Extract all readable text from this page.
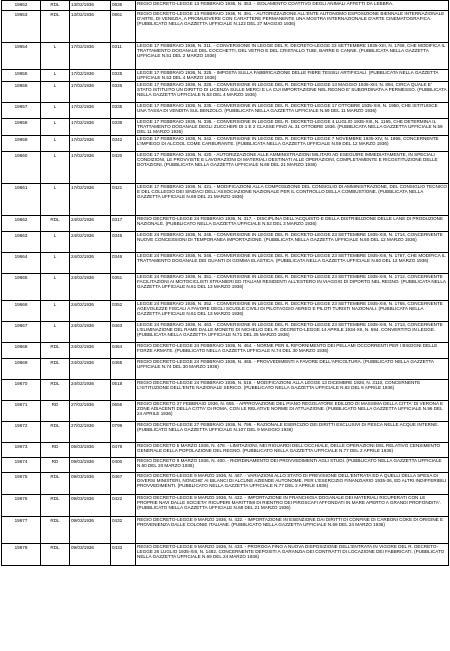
19652	RDL	13/02/1936	0835	REGIO DECRETO-LEGGE 13 FEBBRAIO 1936, N. 353. - ISOLAMENTO COATTIVO DEGLI ANIMALI AFFETTI DA LEBBRA.
19653	RDL	13/02/1936	0851	REGIO DECRETO-LEGGE 13 FEBBRAIO 1936, N. 391. - AUTORIZZAZIONE ALL'ENTE AUTONOMO ESPOSIZIONE BIENNALE INTERNAZIONALE D'ARTE, DI VENEZIA, A PROMUOVERE CON CARATTERE PERMANENTE UNA MOSTRA INTERNAZIONALE D'ARTE CINEMATOGRAFICA. (PUBBLICATO NELLA GAZZETTA UFFICIALE N.122 DEL 27 MAGGIO 1936)
19654	L	17/02/1936	0311	LEGGE 17 FEBBRAIO 1936, N. 311. - CONVERSIONE IN LEGGE DEL R. DECRETO-LEGGE 23 SETTEMBRE 1935-XIII, N. 1769, CHE MODIFICA IL TRATTAMENTO DOGANALE DEL COCCHETTI, DEL VETRO E DEL CRISTALLO TUBI, BARRE E CANNE. (PUBBLICATA NELLA GAZZETTA UFFICIALE N.51 DEL 2 MARZO 1936)
19655	L	17/02/1936	0325	LEGGE 17 FEBBRAIO 1936, N. 325. - IMPOSTA SULLA FABBRICAZIONE DELLE FIBRE TESSILI ARTIFICIALI. (PUBBLICATA NELLA GAZZETTA UFFICIALE N.53 DEL 4 MARZO 1936)
19656	L	17/02/1936	0326	LEGGE 17 FEBBRAIO 1936, N. 326. - CONVERSIONE IN LEGGE DEL R. DECRETO-LEGGE 13 MAGGIO 1935-XIII, N. 894, CIRCA QUALE E' STATO ISTITUITO UN DIRITTO DI LICENZA SULLE MERCI E LA CUI IMPORTAZIONE NEL REGNO E' SUBORDINATA A PERMESSO. (PUBBLICATA NELLA GAZZETTA UFFICIALE N.53 DEL 4 MARZO 1936)
19657	L	17/02/1936	0335	LEGGE 17 FEBBRAIO 1936, N. 335. - CONVERSIONE IN LEGGE DEL R. DECRETO-LEGGE 17 OTTOBRE 1935-XIII, N. 1950, CHE ISTITUISCE UNA TASSA DI VENDITA SUL BENZOLO. (PUBBLICATA NELLA GAZZETTA UFFICIALE N.59 DEL 11 MARZO 1936)
19658	L	17/02/1936	0336	LEGGE 17 FEBBRAIO 1936, N. 336. - CONVERSIONE IN LEGGE DEL R. DECRETO-LEGGE 4 LUGLIO 1935-XIII, N. 1165, CHE DETERMINA IL TRATTAMENTO DOGANALE DEGLI ZUCCHERI DI 1 E 2 CLASSE FINO AL 31 OTTOBRE 1936. (PUBBLICATA NELLA GAZZETTA UFFICIALE N.59 DEL 11 MARZO 1936)
19659	L	17/02/1936	0342	LEGGE 17 FEBBRAIO 1936, N. 342. - CONVERSIONE IN LEGGE DEL R. DECRETO-LEGGE 7 NOVEMBRE 1935-XIV, N. 1965, CONCERNENTE L'IMPIEGO DI ALCOOL COME CARBURANTE. (PUBBLICATA NELLA GAZZETTA UFFICIALE N.59 DEL 12 MARZO 1936)
19660	L	17/02/1936	0420	LEGGE 17 FEBBRAIO 1936, N. 420. - AUTORIZZAZIONE ALLE AMMINISTRAZIONI MILITARI AD ESEGUIRE IMMEDIATAMENTE, IN SPECIALI CONDIZIONI, LE PROVVISTE E LAVORAZIONI DI MATERIALI DESTINATI ALLE OPERAZIONI, COMPLETAMENTE E RICOSTITUZIONE DELLE DOTAZIONI. (PUBBLICATA NELLA GAZZETTA UFFICIALE N.68 DEL 21 MARZO 1936)
19661	L	17/02/1936	0421	LEGGE 17 FEBBRAIO 1936, N. 421. - MODIFICAZIONI ALLA COMPOSIZIONE DEL CONSIGLIO DI AMMINISTRAZIONE, DEL CONSIGLIO TECNICO E DEL COLLEGIO DEI SINDACI DELL'ASSOCIAZIONE NAZIONALE PER IL CONTROLLO DELLA COMBUSTIONE. (PUBBLICATA NELLA GAZZETTA UFFICIALE N.68 DEL 21 MARZO 1936)
19662	RDL	24/02/1936	0317	REGIO DECRETO-LEGGE 24 FEBBRAIO 1936, N. 317. - DISCIPLINA DELL'ACQUISTO E DELLA DISTRIBUZIONE DELLE LANE DI PRODUZIONE NAZIONALE. (PUBBLICATO NELLA GAZZETTA UFFICIALE N.52 DEL 3 MARZO 1936)
19663	L	24/02/1936	0345	LEGGE 24 FEBBRAIO 1936, N. 345. - CONVERSIONE IN LEGGE DEL R. DECRETO-LEGGE 23 SETTEMBRE 1935-XIII, N. 1714, CONCERNENTE NUOVE CONCESSIONI DI TEMPORANEA IMPORTAZIONE. (PUBBLICATA NELLA GAZZETTA UFFICIALE N.60 DEL 12 MARZO 1936)
19664	L	24/02/1936	0346	LEGGE 24 FEBBRAIO 1936, N. 346. - CONVERSIONE IN LEGGE DEL R. DECRETO-LEGGE 23 SETTEMBRE 1935-XIII, N. 1767, CHE MODIFICA IL TRATTAMENTO DOGANALE DEI GUANTI DI GOMMA ELASTICA. (PUBBLICATA NELLA GAZZETTA UFFICIALE N.60 DEL 12 MARZO 1936)
19665	L	24/02/1936	0351	LEGGE 24 FEBBRAIO 1936, N. 351. - CONVERSIONE IN LEGGE DEL R. DECRETO-LEGGE 23 SETTEMBRE 1935-XIII, N. 1712, CONCERNENTE FACILITAZIONI AI MOTOCICLISTI STRANIERI ED ITALIANI RESIDENTI ALL'ESTERO IN VIAGGIO DI DIPORTO NEL REGNO. (PUBBLICATA NELLA GAZZETTA UFFICIALE N.61 DEL 13 MARZO 1936)
19666	L	24/02/1936	0352	LEGGE 24 FEBBRAIO 1936, N. 352. - CONVERSIONE IN LEGGE DEL R. DECRETO-LEGGE 23 SETTEMBRE 1935-XIII, N. 1765, CONCERNENTE AGEVOLEZZE FISCALI A FAVORE DEGLI SCUOLE CIVILI DI PILOTAGGIO AEREO E PILOTI TURISTI NAZIONALI. (PUBBLICATA NELLA GAZZETTA UFFICIALE N.61 DEL 13 MARZO 1936)
19667	L	24/02/1936	0463	LEGGE 24 FEBBRAIO 1936, N. 463. - CONVERSIONE IN LEGGE DEL R. DECRETO-LEGGE 23 SETTEMBRE 1935-XIII, N. 1713, CONCERNENTE L'ELIMINAZIONE DEL RAME DALLE MONETE DI NICHELIO DEL R. DECRETO-LEGGE 14 APRILE 1934-XII, N. 594. CONVERTITO IN LEGGE. (PUBBLICATA NELLA GAZZETTA UFFICIALE N.71 DEL 25 MARZO 1936)
19668	RDL	24/02/1936	0464	REGIO DECRETO-LEGGE 24 FEBBRAIO 1936, N. 464. - NORME PER IL RIFORNIMENTO DEI PELLAMI OCCORRENTI PER I BISOGNI DELLE FORZE ARMATE. (PUBBLICATO NELLA GAZZETTA UFFICIALE N.74 DEL 30 MARZO 1936)
19669	RDL	24/02/1936	0465	REGIO DECRETO-LEGGE 24 FEBBRAIO 1936, N. 465. - PROVVEDIMENTI A FAVORE DELL'APICOLTURA. (PUBBLICATO NELLA GAZZETTA UFFICIALE N.74 DEL 30 MARZO 1936)
19670	RDL	24/02/1936	0518	REGIO DECRETO-LEGGE 24 FEBBRAIO 1936, N. 518. - MODIFICAZIONI ALLA LEGGE 13 DICEMBRE 1928, N. 3110, CONCERNENTE L'ISTITUZIONE DELL'ENTE NAZIONALE SERICO. (PUBBLICATO NELLA GAZZETTA UFFICIALE N.82 DEL 8 APRILE 1936)
19671	RD	27/02/1936	0655	REGIO DECRETO 27 FEBBRAIO 1936, N. 655. - APPROVAZIONE DEL PIANO REGOLATORE EDILIZIO DI MASSIMA DELLA CITTA' DI VERONA E ZONE ADIACENTI DELLA CITTA' DI ROMA, CON LE RELATIVE NORME DI ATTUAZIONE. (PUBBLICATO NELLA GAZZETTA UFFICIALE N.96 DEL 24 APRILE 1936)
19672	RDL	27/02/1936	0799	REGIO DECRETO-LEGGE 27 FEBBRAIO 1936, N. 799. - RAZIONALE ESERCIZIO DEI DIRITTI ESCLUSIVI DI PESCA NELLE ACQUE INTERNE. (PUBBLICATO NELLA GAZZETTA UFFICIALE N.107 DEL 9 MAGGIO 1936)
19673	RD	05/03/1936	0478	REGIO DECRETO 5 MARZO 1936, N. 478. - LIMITAZIONI, NEI RIGUARDI DELL'OCCHIALE, DELLE OPERAZIONI DEL RELATIVO CENSIMENTO GENERALE DELLA POPOLAZIONE DEL REGNO. (PUBBLICATO NELLA GAZZETTA UFFICIALE N.77 DEL 2 APRILE 1936)
19674	RD	09/03/1936	0400	REGIO DECRETO 9 MARZO 1936, N. 400. - RIORDINAMENTO DEI PROVVEDIMENTI AGLI STUDI. (PUBBLICATO NELLA GAZZETTA UFFICIALE N.60 DEL 20 MARZO 1936)
19675	RDL	09/03/1936	0467	REGIO DECRETO-LEGGE 9 MARZO 1936, N. 467. - VARIAZIONI ALLO STATO DI PREVISIONE DELL'ENTRATA ED A QUELLI DELLA SPESA DI DIVERSI MINISTERI, NONCHE' AI BILANCI DI ALCUNE AZIENDE AUTONOME, PER L'ESERCIZIO FINANZIARIO 1935-36, ED ALTRI INDIFFERIBILI PROVVEDIMENTI. (PUBBLICATO NELLA GAZZETTA UFFICIALE N.77 DEL 2 APRILE 1936)
19676	RDL	09/03/1936	0422	REGIO DECRETO-LEGGE 9 MARZO 1936, N. 422. - IMPORTAZIONE IN FRANCHIGIA DOGANALE DEI MATERIALI RICUPERATI CON LE PROPRIE NAVI DALLE SOCIETA' RICUPERI MARITTIMI DI RIENTRO DEI PIROSCAFI AFFONDATI IN MARE APERTO A GRANDI PROFONDITA'. (PUBBLICATO NELLA GAZZETTA UFFICIALE N.68 DEL 21 MARZO 1936)
19677	RDL	09/03/1936	0432	REGIO DECRETO-LEGGE 9 MARZO 1936, N. 432. - IMPORTAZIONE IN ESENZIONE DAI DIRITTI DI CONFINE DI CARBONI COKE DI ORIGINE E PROVENIENZA DALLE COLONIE ITALIANE. (PUBBLICATO NELLA GAZZETTA UFFICIALE N.69 DEL 24 MARZO 1936)
19678	RDL	09/03/1936	0433	REGIO DECRETO-LEGGE 9 MARZO 1936, N. 433. - PROROGA FINO A NUOVA DISPOSIZIONE DELL'ENTRATA IN VIGORE DEL R. DECRETO-LEGGE 26 LUGLIO 1935-XIII, N. 1482, CONCERNENTE DEPOSITI A GARANZIA DEI CONTRATTI DI LOCAZIONE DEI FABBRICATI. (PUBBLICATO NELLA GAZZETTA UFFICIALE N.69 DEL 24 MARZO 1936)
